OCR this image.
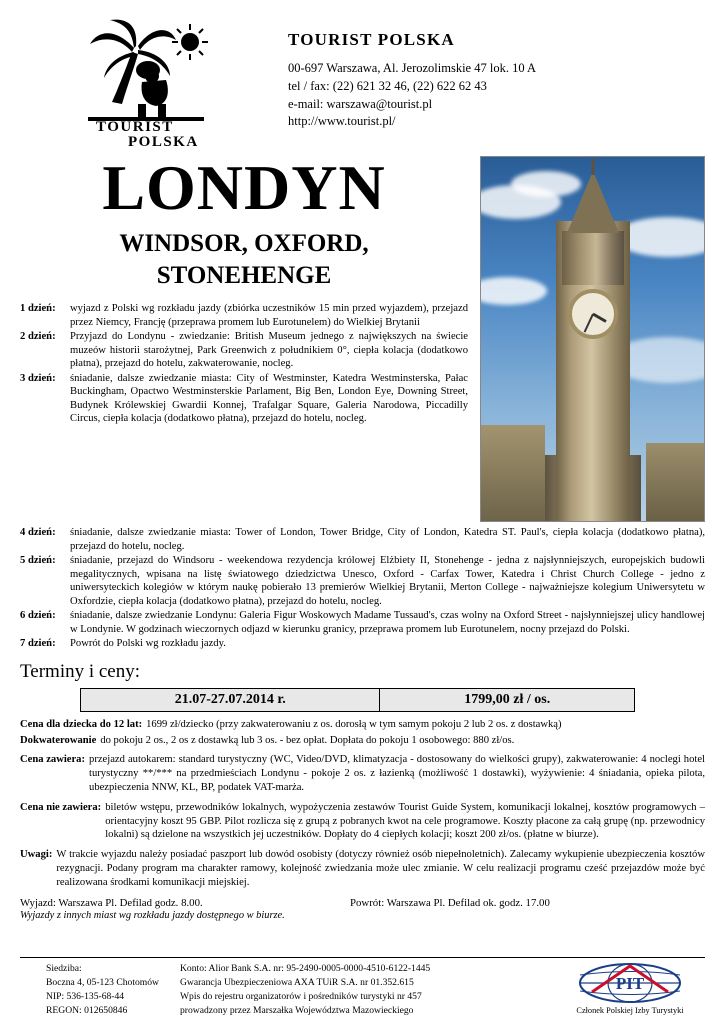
TOURIST
POLSKA
TOURIST POLSKA
00-697 Warszawa, Al. Jerozolimskie 47 lok. 10 A
tel / fax: (22) 621 32 46, (22) 622 62 43
e-mail: warszawa@tourist.pl
http://www.tourist.pl/
LONDYN
WINDSOR, OXFORD,
STONEHENGE
1 dzień:	wyjazd z Polski wg rozkładu jazdy (zbiórka uczestników 15 min przed wyjazdem), przejazd przez Niemcy, Francję (przeprawa promem lub Eurotunelem) do Wielkiej Brytanii
2 dzień:	Przyjazd do Londynu - zwiedzanie: British Museum jednego z największych na świecie muzeów historii starożytnej, Park Greenwich z południkiem 0°, ciepła kolacja (dodatkowo płatna), przejazd do hotelu, zakwaterowanie, nocleg.
3 dzień:	śniadanie, dalsze zwiedzanie miasta: City of Westminster, Katedra Westminsterska, Pałac Buckingham, Opactwo Westminsterskie Parlament, Big Ben, London Eye, Downing Street, Budynek Królewskiej Gwardii Konnej, Trafalgar Square, Galeria Narodowa, Piccadilly Circus, ciepła kolacja (dodatkowo płatna), przejazd do hotelu, nocleg.
4 dzień:	śniadanie, dalsze zwiedzanie miasta: Tower of London, Tower Bridge, City of London, Katedra ST. Paul's, ciepła kolacja (dodatkowo płatna), przejazd do hotelu, nocleg.
5 dzień:	śniadanie, przejazd do Windsoru - weekendowa rezydencja królowej Elżbiety II, Stonehenge - jedna z najsłynniejszych, europejskich budowli megalitycznych, wpisana na listę światowego dziedzictwa Unesco, Oxford - Carfax Tower, Katedra i Christ Church College - jedno z uniwersyteckich kolegiów w którym naukę pobierało 13 premierów Wielkiej Brytanii, Merton College - najważniejsze kolegium Uniwersytetu w Oxfordzie, ciepła kolacja (dodatkowo płatna), przejazd do hotelu, nocleg.
6 dzień:	śniadanie, dalsze zwiedzanie Londynu: Galeria Figur Woskowych Madame Tussaud's, czas wolny na Oxford Street - najsłynniejszej ulicy handlowej w Londynie. W godzinach wieczornych odjazd w kierunku granicy, przeprawa promem lub Eurotunelem, nocny przejazd do Polski.
7 dzień:	Powrót do Polski wg rozkładu jazdy.
Terminy i ceny:
21.07-27.07.2014 r.	1799,00 zł / os.
Cena dla dziecka do 12 lat: 1699 zł/dziecko (przy zakwaterowaniu z os. dorosłą w tym samym pokoju 2 lub 2 os. z dostawką)
Dokwaterowanie do pokoju 2 os., 2 os z dostawką lub 3 os. - bez opłat. Dopłata do pokoju 1 osobowego: 880 zł/os.
Cena zawiera: przejazd autokarem: standard turystyczny (WC, Video/DVD, klimatyzacja - dostosowany do wielkości grupy), zakwaterowanie: 4 noclegi hotel turystyczny **/*** na przedmieściach Londynu - pokoje 2 os. z łazienką (możliwość 1 dostawki), wyżywienie: 4 śniadania, opieka pilota, ubezpieczenia NNW, KL, BP, podatek VAT-marża.
Cena nie zawiera: biletów wstępu, przewodników lokalnych, wypożyczenia zestawów Tourist Guide System, komunikacji lokalnej, kosztów programowych – orientacyjny koszt 95 GBP. Pilot rozlicza się z grupą z pobranych kwot na cele programowe. Koszty płacone za całą grupę (np. przewodnicy lokalni) są dzielone na wszystkich jej uczestników. Dopłaty do 4 ciepłych kolacji; koszt 200 zł/os. (płatne w biurze).
Uwagi: W trakcie wyjazdu należy posiadać paszport lub dowód osobisty (dotyczy również osób niepełnoletnich). Zalecamy wykupienie ubezpieczenia kosztów rezygnacji. Podany program ma charakter ramowy, kolejność zwiedzania może ulec zmianie. W celu realizacji programu cześć przejazdów może być realizowana środkami komunikacji miejskiej.
Wyjazd: Warszawa Pl. Defilad godz. 8.00.	Powrót: Warszawa Pl. Defilad ok. godz. 17.00
Wyjazdy z innych miast wg rozkładu jazdy dostępnego w biurze.
Siedziba:
Boczna 4, 05-123 Chotomów
NIP: 536-135-68-44
REGON: 012650846
Konto: Alior Bank S.A. nr: 95-2490-0005-0000-4510-6122-1445
Gwarancja Ubezpieczeniowa AXA TUiR S.A. nr 01.352.615
Wpis do rejestru organizatorów i pośredników turystyki nr 457
prowadzony przez Marszałka Województwa Mazowieckiego
PIT
Członek Polskiej Izby Turystyki
